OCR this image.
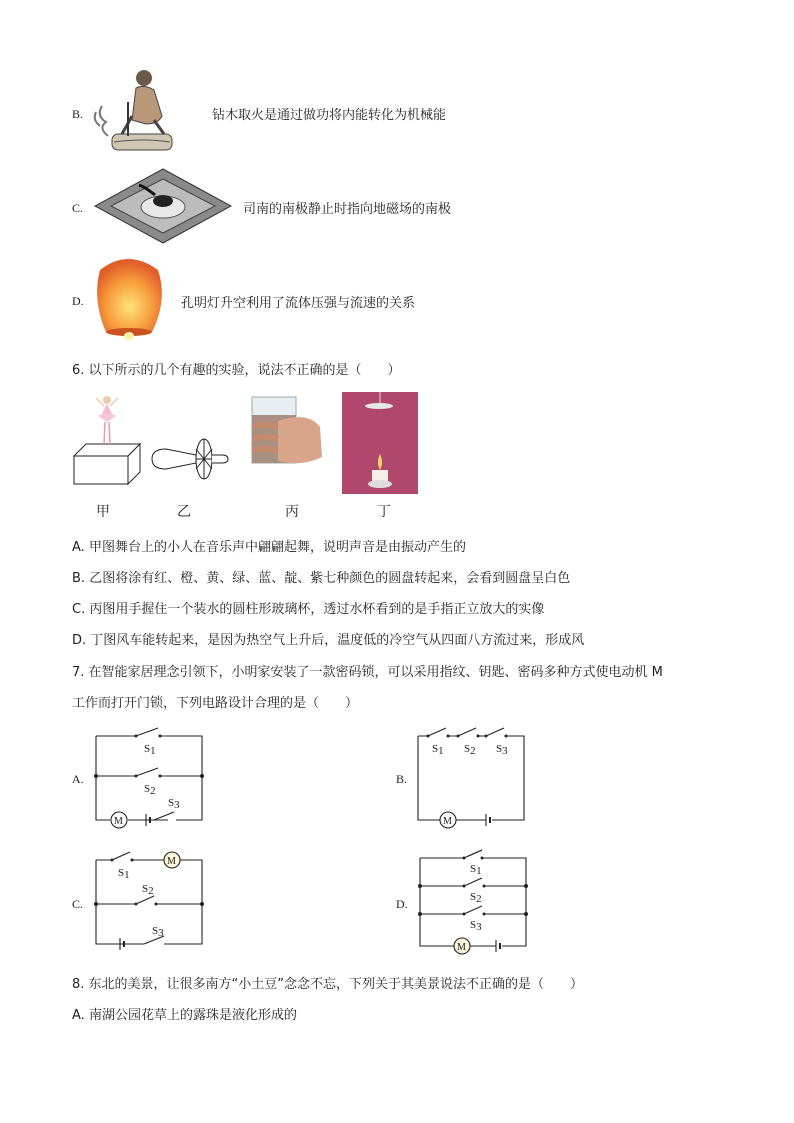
B.	钻木取火是通过做功将内能转化为机械能
C.	司南的南极静止时指向地磁场的南极
D.	孔明灯升空利用了流体压强与流速的关系
6. 以下所示的几个有趣的实验，说法不正确的是（　　）
甲	乙	丙	丁
A. 甲图舞台上的小人在音乐声中翩翩起舞，说明声音是由振动产生的
B. 乙图将涂有红、橙、黄、绿、蓝、靛、紫七种颜色的圆盘转起来，会看到圆盘呈白色
C. 丙图用手握住一个装水的圆柱形玻璃杯，透过水杯看到的是手指正立放大的实像
D. 丁图风车能转起来，是因为热空气上升后，温度低的冷空气从四面八方流过来，形成风
7. 在智能家居理念引领下，小明家安装了一款密码锁，可以采用指纹、钥匙、密码多种方式使电动机 M
工作而打开门锁，下列电路设计合理的是（　　）
A.
S1
S2
S3
M
B.
S1 S2 S3
M
C.
S1
S2
S3
M
D.
S1
S2
S3
M
8. 东北的美景，让很多南方“小土豆”念念不忘，下列关于其美景说法不正确的是（　　）
A. 南湖公园花草上的露珠是液化形成的
